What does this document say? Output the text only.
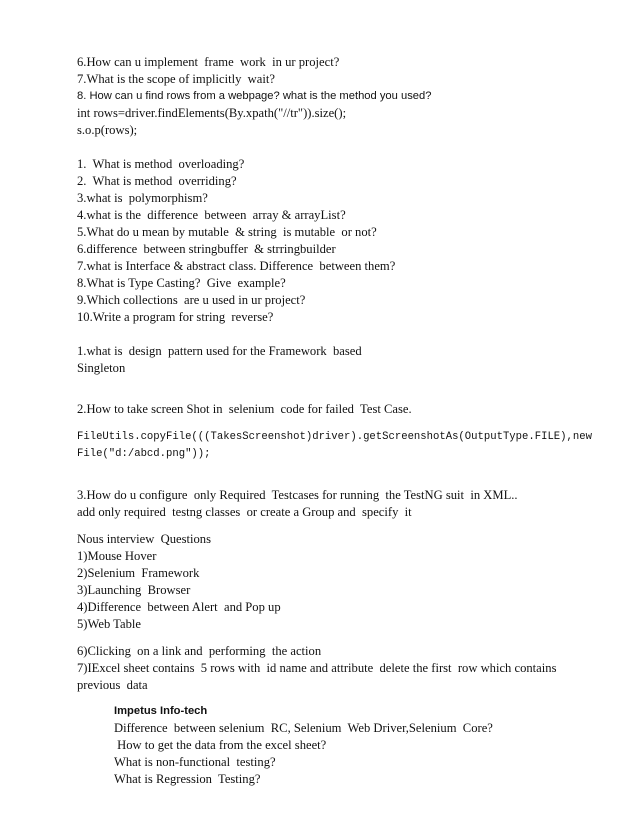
6.How can u implement  frame  work  in ur project?
7.What is the scope of implicitly  wait?
8. How can u find rows from a webpage? what is the method you used?
int rows=driver.findElements(By.xpath("//tr")).size();
s.o.p(rows);
1.  What is method  overloading?
2.  What is method  overriding?
3.what is  polymorphism?
4.what is the  difference  between  array & arrayList?
5.What do u mean by mutable  & string  is mutable  or not?
6.difference  between stringbuffer  & strringbuilder
7.what is Interface & abstract class. Difference  between them?
8.What is Type Casting?  Give  example?
9.Which collections  are u used in ur project?
10.Write a program for string  reverse?
1.what is  design  pattern used for the Framework  based
Singleton
2.How to take screen Shot in  selenium  code for failed  Test Case.
FileUtils.copyFile(((TakesScreenshot)driver).getScreenshotAs(OutputType.FILE),new
File("d:/abcd.png"));
3.How do u configure  only Required  Testcases for running  the TestNG suit  in XML..
add only required  testng classes  or create a Group and  specify  it
Nous interview  Questions
1)Mouse Hover
2)Selenium  Framework
3)Launching  Browser
4)Difference  between Alert  and Pop up
5)Web Table
6)Clicking  on a link and  performing  the action
7)IExcel sheet contains  5 rows with  id name and attribute  delete the first  row which contains
previous  data
Impetus Info-tech
Difference  between selenium  RC, Selenium  Web Driver,Selenium  Core?
How to get the data from the excel sheet?
What is non-functional  testing?
What is Regression  Testing?
